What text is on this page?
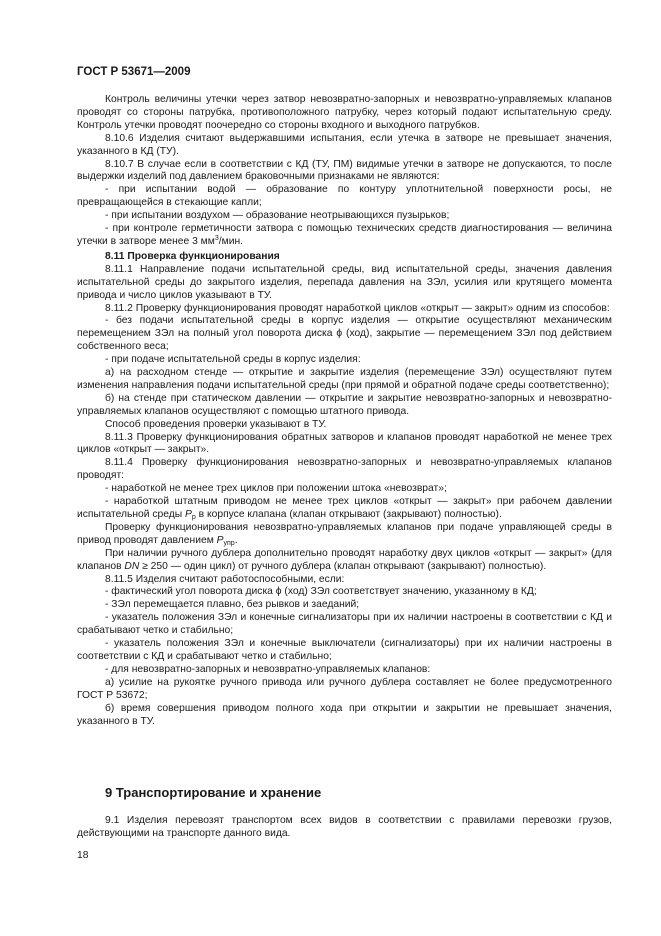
ГОСТ Р 53671—2009

Контроль величины утечки через затвор невозвратно-запорных и невозвратно-управляемых клапанов проводят со стороны патрубка, противоположного патрубку, через который подают испытательную среду. Контроль утечки проводят поочередно со стороны входного и выходного патрубков.

8.10.6 Изделия считают выдержавшими испытания, если утечка в затворе не превышает значения, указанного в КД (ТУ).

8.10.7 В случае если в соответствии с КД (ТУ, ПМ) видимые утечки в затворе не допускаются, то после выдержки изделий под давлением браковочными признаками не являются:

- при испытании водой — образование по контуру уплотнительной поверхности росы, не превращающейся в стекающие капли;

- при испытании воздухом — образование неотрывающихся пузырьков;

- при контроле герметичности затвора с помощью технических средств диагностирования — величина утечки в затворе менее 3 $мм^3$/мин.

8.11 Проверка функционирования

8.11.1 Направление подачи испытательной среды, вид испытательной среды, значения давления испытательной среды до закрытого изделия, перепада давления на ЗЭл, усилия или крутящего момента привода и число циклов указывают в ТУ.

8.11.2 Проверку функционирования проводят наработкой циклов «открыт — закрыт» одним из способов:

- без подачи испытательной среды в корпус изделия — открытие осуществляют механическим перемещением ЗЭл на полный угол поворота диска ϕ (ход), закрытие — перемещением ЗЭл под действием собственного веса;

- при подаче испытательной среды в корпус изделия:

а) на расходном стенде — открытие и закрытие изделия (перемещение ЗЭл) осуществляют путем изменения направления подачи испытательной среды (при прямой и обратной подаче среды соответственно);

б) на стенде при статическом давлении — открытие и закрытие невозвратно-запорных и невозвратно-управляемых клапанов осуществляют с помощью штатного привода.

Способ проведения проверки указывают в ТУ.

8.11.3 Проверку функционирования обратных затворов и клапанов проводят наработкой не менее трех циклов «открыт — закрыт».

8.11.4 Проверку функционирования невозвратно-запорных и невозвратно-управляемых клапанов проводят:

- наработкой не менее трех циклов при положении штока «невозврат»;

- наработкой штатным приводом не менее трех циклов «открыт — закрыт» при рабочем давлении испытательной среды $P_р$ в корпусе клапана (клапан открывают (закрывают) полностью).

Проверку функционирования невозвратно-управляемых клапанов при подаче управляющей среды в привод проводят давлением $P_{упр}$.

При наличии ручного дублера дополнительно проводят наработку двух циклов «открыт — закрыт» (для клапанов DN ≥ 250 — один цикл) от ручного дублера (клапан открывают (закрывают) полностью).

8.11.5 Изделия считают работоспособными, если:

- фактический угол поворота диска ϕ (ход) ЗЭл соответствует значению, указанному в КД;

- ЗЭл перемещается плавно, без рывков и заеданий;

- указатель положения ЗЭл и конечные сигнализаторы при их наличии настроены в соответствии с КД и срабатывают четко и стабильно;

- указатель положения ЗЭл и конечные выключатели (сигнализаторы) при их наличии настроены в соответствии с КД и срабатывают четко и стабильно;

- для невозвратно-запорных и невозвратно-управляемых клапанов:

а) усилие на рукоятке ручного привода или ручного дублера составляет не более предусмотренного ГОСТ Р 53672;

б) время совершения приводом полного хода при открытии и закрытии не превышает значения, указанного в ТУ.

9 Транспортирование и хранение

9.1 Изделия перевозят транспортом всех видов в соответствии с правилами перевозки грузов, действующими на транспорте данного вида.

18
